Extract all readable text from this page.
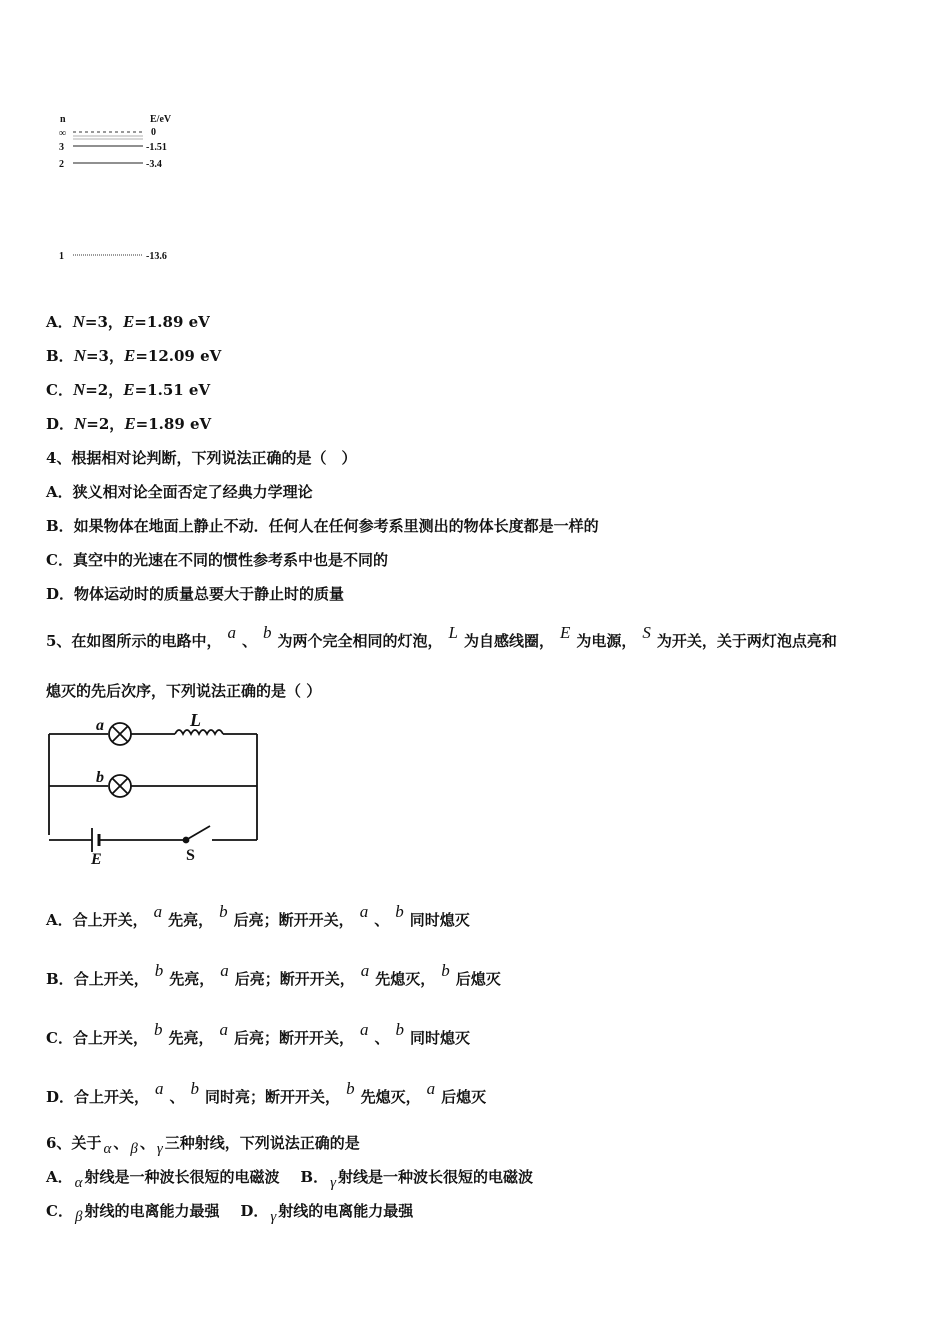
n	E/eV
∞	0
3	-1.51
2	-3.4
1	-13.6
A．N=3，E=1.89 eV
B．N=3，E=12.09 eV
C．N=2，E=1.51 eV
D．N=2，E=1.89 eV
4、根据相对论判断，下列说法正确的是（　）
A．狭义相对论全面否定了经典力学理论
B．如果物体在地面上静止不动．任何人在任何参考系里测出的物体长度都是一样的
C．真空中的光速在不同的惯性参考系中也是不同的
D．物体运动时的质量总要大于静止时的质量
5、在如图所示的电路中， a 、 b 为两个完全相同的灯泡， L 为自感线圈， E 为电源， S 为开关，关于两灯泡点亮和
熄灭的先后次序，下列说法正确的是（ ）
a	L
b
E	S
A．合上开关， a 先亮， b 后亮；断开开关， a 、 b 同时熄灭
B．合上开关， b 先亮， a 后亮；断开开关， a 先熄灭， b 后熄灭
C．合上开关， b 先亮， a 后亮；断开开关， a 、 b 同时熄灭
D．合上开关， a 、 b 同时亮；断开开关， b 先熄灭， a 后熄灭
6、关于 α 、 β 、 γ 三种射线，下列说法正确的是
A． α 射线是一种波长很短的电磁波 B． γ 射线是一种波长很短的电磁波
C． β 射线的电离能力最强 D． γ 射线的电离能力最强
